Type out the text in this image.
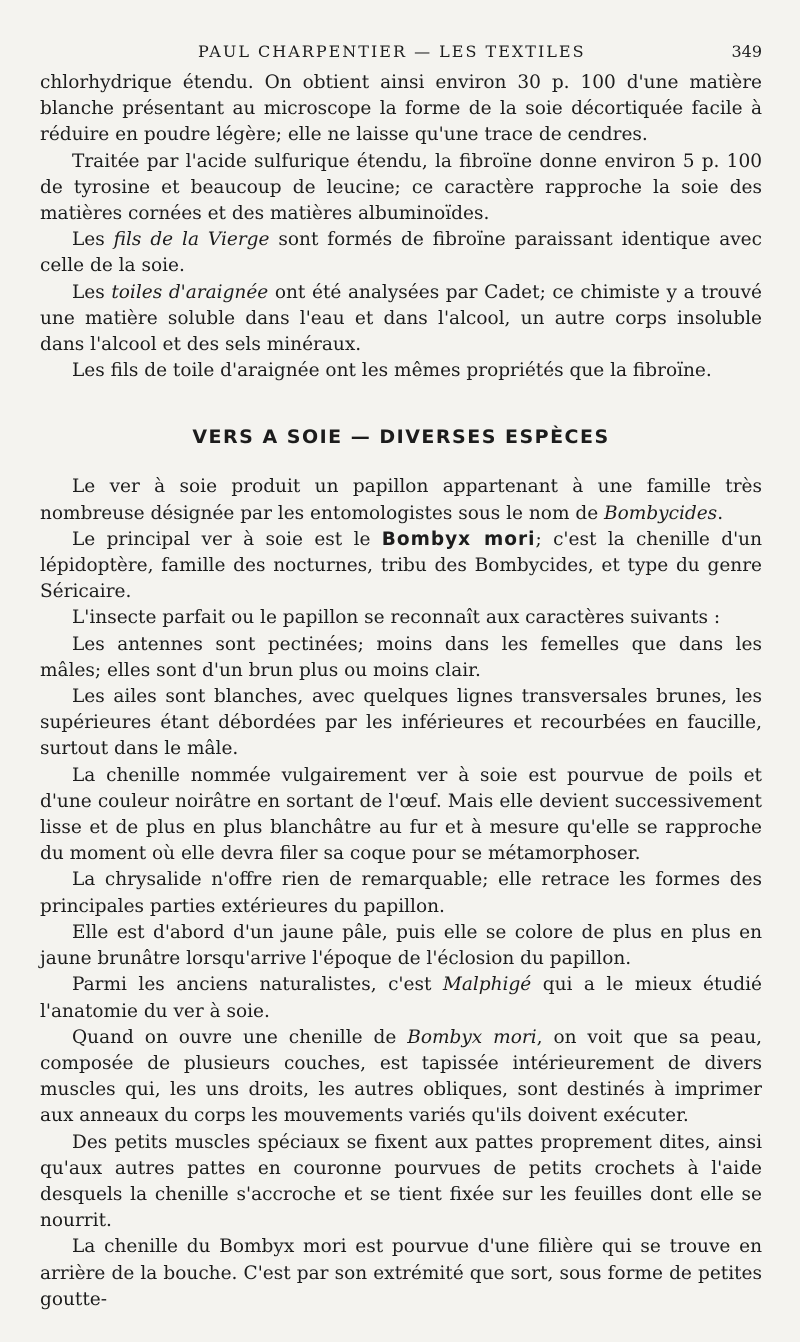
PAUL CHARPENTIER — LES TEXTILES	349

chlorhydrique étendu. On obtient ainsi environ 30 p. 100 d'une matière blanche présentant au microscope la forme de la soie décortiquée facile à réduire en poudre légère; elle ne laisse qu'une trace de cendres.

Traitée par l'acide sulfurique étendu, la fibroïne donne environ 5 p. 100 de tyrosine et beaucoup de leucine; ce caractère rapproche la soie des matières cornées et des matières albuminoïdes.

Les fils de la Vierge sont formés de fibroïne paraissant identique avec celle de la soie.

Les toiles d'araignée ont été analysées par Cadet; ce chimiste y a trouvé une matière soluble dans l'eau et dans l'alcool, un autre corps insoluble dans l'alcool et des sels minéraux.

Les fils de toile d'araignée ont les mêmes propriétés que la fibroïne.

VERS A SOIE — DIVERSES ESPÈCES

Le ver à soie produit un papillon appartenant à une famille très nombreuse désignée par les entomologistes sous le nom de Bombycides.

Le principal ver à soie est le Bombyx mori; c'est la chenille d'un lépidoptère, famille des nocturnes, tribu des Bombycides, et type du genre Séricaire.

L'insecte parfait ou le papillon se reconnaît aux caractères suivants :

Les antennes sont pectinées; moins dans les femelles que dans les mâles; elles sont d'un brun plus ou moins clair.

Les ailes sont blanches, avec quelques lignes transversales brunes, les supérieures étant débordées par les inférieures et recourbées en faucille, surtout dans le mâle.

La chenille nommée vulgairement ver à soie est pourvue de poils et d'une couleur noirâtre en sortant de l'œuf. Mais elle devient successivement lisse et de plus en plus blanchâtre au fur et à mesure qu'elle se rapproche du moment où elle devra filer sa coque pour se métamorphoser.

La chrysalide n'offre rien de remarquable; elle retrace les formes des principales parties extérieures du papillon.

Elle est d'abord d'un jaune pâle, puis elle se colore de plus en plus en jaune brunâtre lorsqu'arrive l'époque de l'éclosion du papillon.

Parmi les anciens naturalistes, c'est Malphigé qui a le mieux étudié l'anatomie du ver à soie.

Quand on ouvre une chenille de Bombyx mori, on voit que sa peau, composée de plusieurs couches, est tapissée intérieurement de divers muscles qui, les uns droits, les autres obliques, sont destinés à imprimer aux anneaux du corps les mouvements variés qu'ils doivent exécuter.

Des petits muscles spéciaux se fixent aux pattes proprement dites, ainsi qu'aux autres pattes en couronne pourvues de petits crochets à l'aide desquels la chenille s'accroche et se tient fixée sur les feuilles dont elle se nourrit.

La chenille du Bombyx mori est pourvue d'une filière qui se trouve en arrière de la bouche. C'est par son extrémité que sort, sous forme de petites goutte-
